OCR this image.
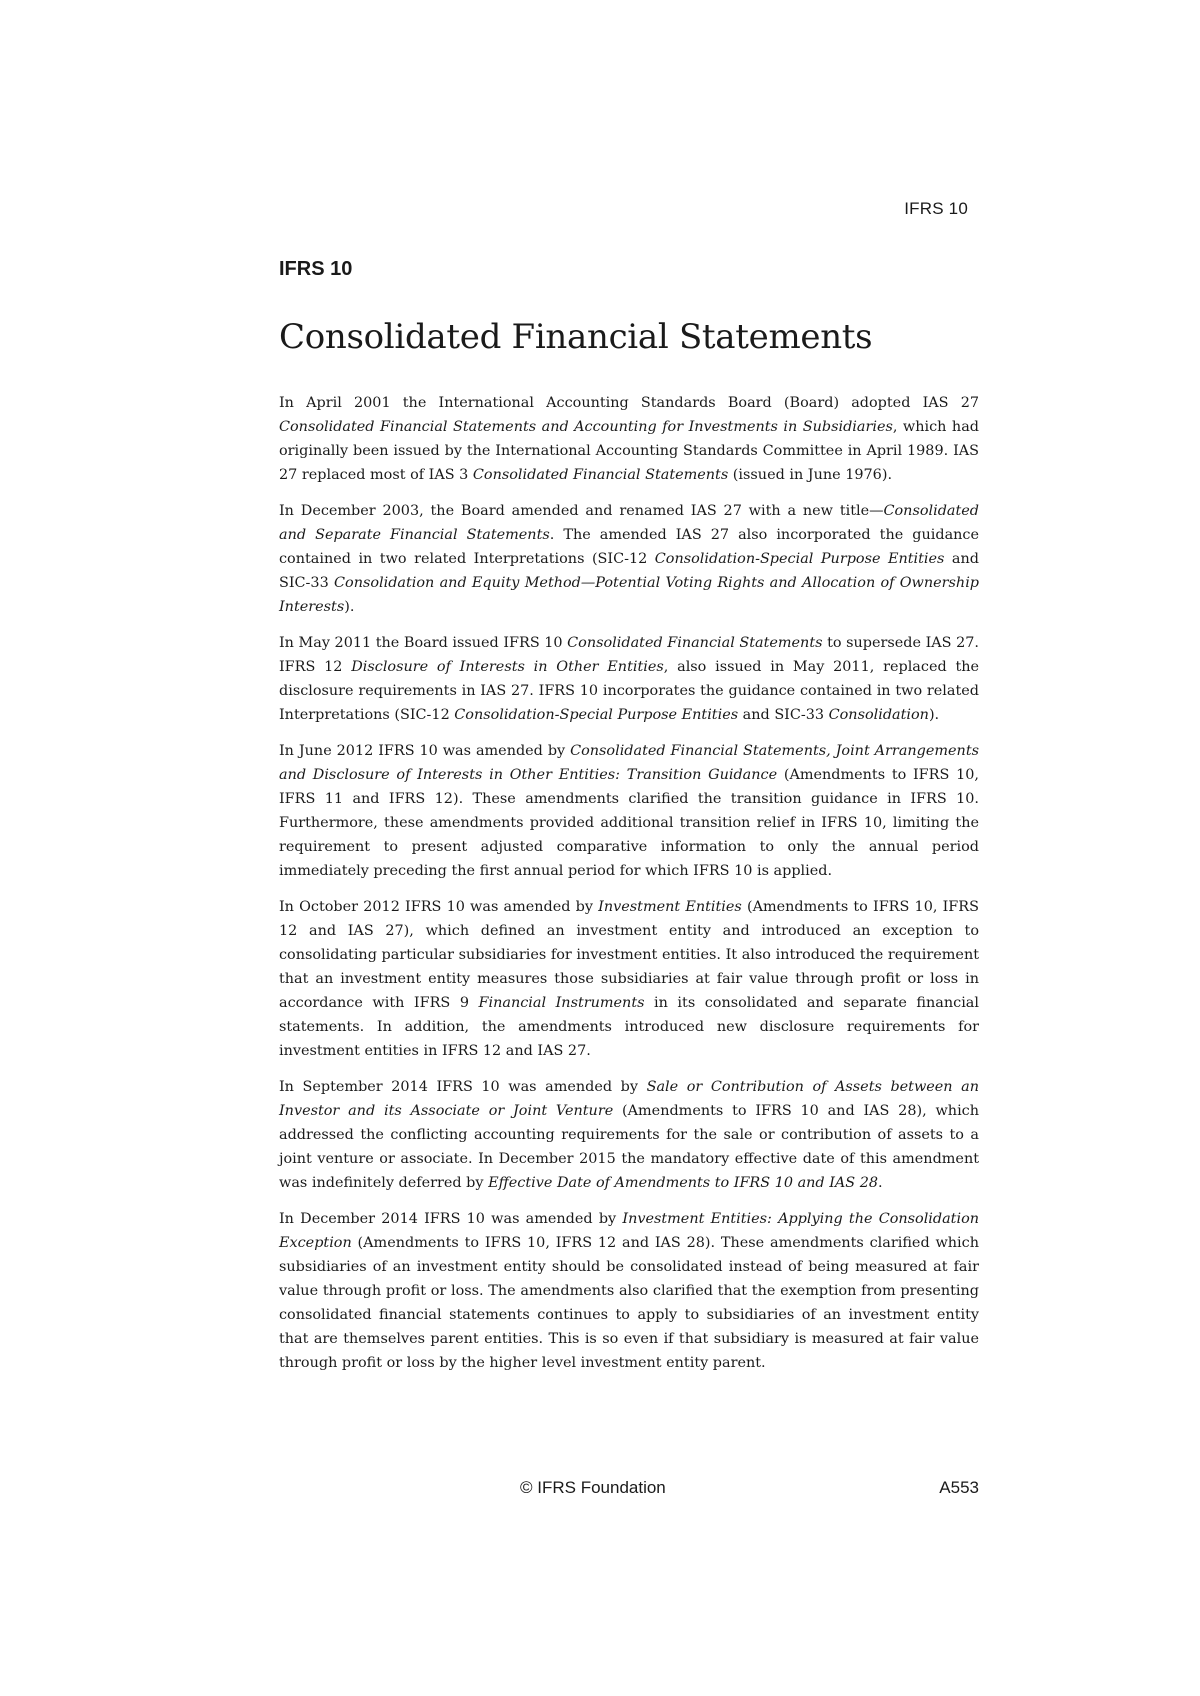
IFRS 10
IFRS 10
Consolidated Financial Statements

In April 2001 the International Accounting Standards Board (Board) adopted IAS 27 Consolidated Financial Statements and Accounting for Investments in Subsidiaries, which had originally been issued by the International Accounting Standards Committee in April 1989. IAS 27 replaced most of IAS 3 Consolidated Financial Statements (issued in June 1976).

In December 2003, the Board amended and renamed IAS 27 with a new title—Consolidated and Separate Financial Statements. The amended IAS 27 also incorporated the guidance contained in two related Interpretations (SIC-12 Consolidation-Special Purpose Entities and SIC-33 Consolidation and Equity Method—Potential Voting Rights and Allocation of Ownership Interests).

In May 2011 the Board issued IFRS 10 Consolidated Financial Statements to supersede IAS 27. IFRS 12 Disclosure of Interests in Other Entities, also issued in May 2011, replaced the disclosure requirements in IAS 27. IFRS 10 incorporates the guidance contained in two related Interpretations (SIC-12 Consolidation-Special Purpose Entities and SIC-33 Consolidation).

In June 2012 IFRS 10 was amended by Consolidated Financial Statements, Joint Arrangements and Disclosure of Interests in Other Entities: Transition Guidance (Amendments to IFRS 10, IFRS 11 and IFRS 12). These amendments clarified the transition guidance in IFRS 10. Furthermore, these amendments provided additional transition relief in IFRS 10, limiting the requirement to present adjusted comparative information to only the annual period immediately preceding the first annual period for which IFRS 10 is applied.

In October 2012 IFRS 10 was amended by Investment Entities (Amendments to IFRS 10, IFRS 12 and IAS 27), which defined an investment entity and introduced an exception to consolidating particular subsidiaries for investment entities. It also introduced the requirement that an investment entity measures those subsidiaries at fair value through profit or loss in accordance with IFRS 9 Financial Instruments in its consolidated and separate financial statements. In addition, the amendments introduced new disclosure requirements for investment entities in IFRS 12 and IAS 27.

In September 2014 IFRS 10 was amended by Sale or Contribution of Assets between an Investor and its Associate or Joint Venture (Amendments to IFRS 10 and IAS 28), which addressed the conflicting accounting requirements for the sale or contribution of assets to a joint venture or associate. In December 2015 the mandatory effective date of this amendment was indefinitely deferred by Effective Date of Amendments to IFRS 10 and IAS 28.

In December 2014 IFRS 10 was amended by Investment Entities: Applying the Consolidation Exception (Amendments to IFRS 10, IFRS 12 and IAS 28). These amendments clarified which subsidiaries of an investment entity should be consolidated instead of being measured at fair value through profit or loss. The amendments also clarified that the exemption from presenting consolidated financial statements continues to apply to subsidiaries of an investment entity that are themselves parent entities. This is so even if that subsidiary is measured at fair value through profit or loss by the higher level investment entity parent.

© IFRS Foundation	A553
